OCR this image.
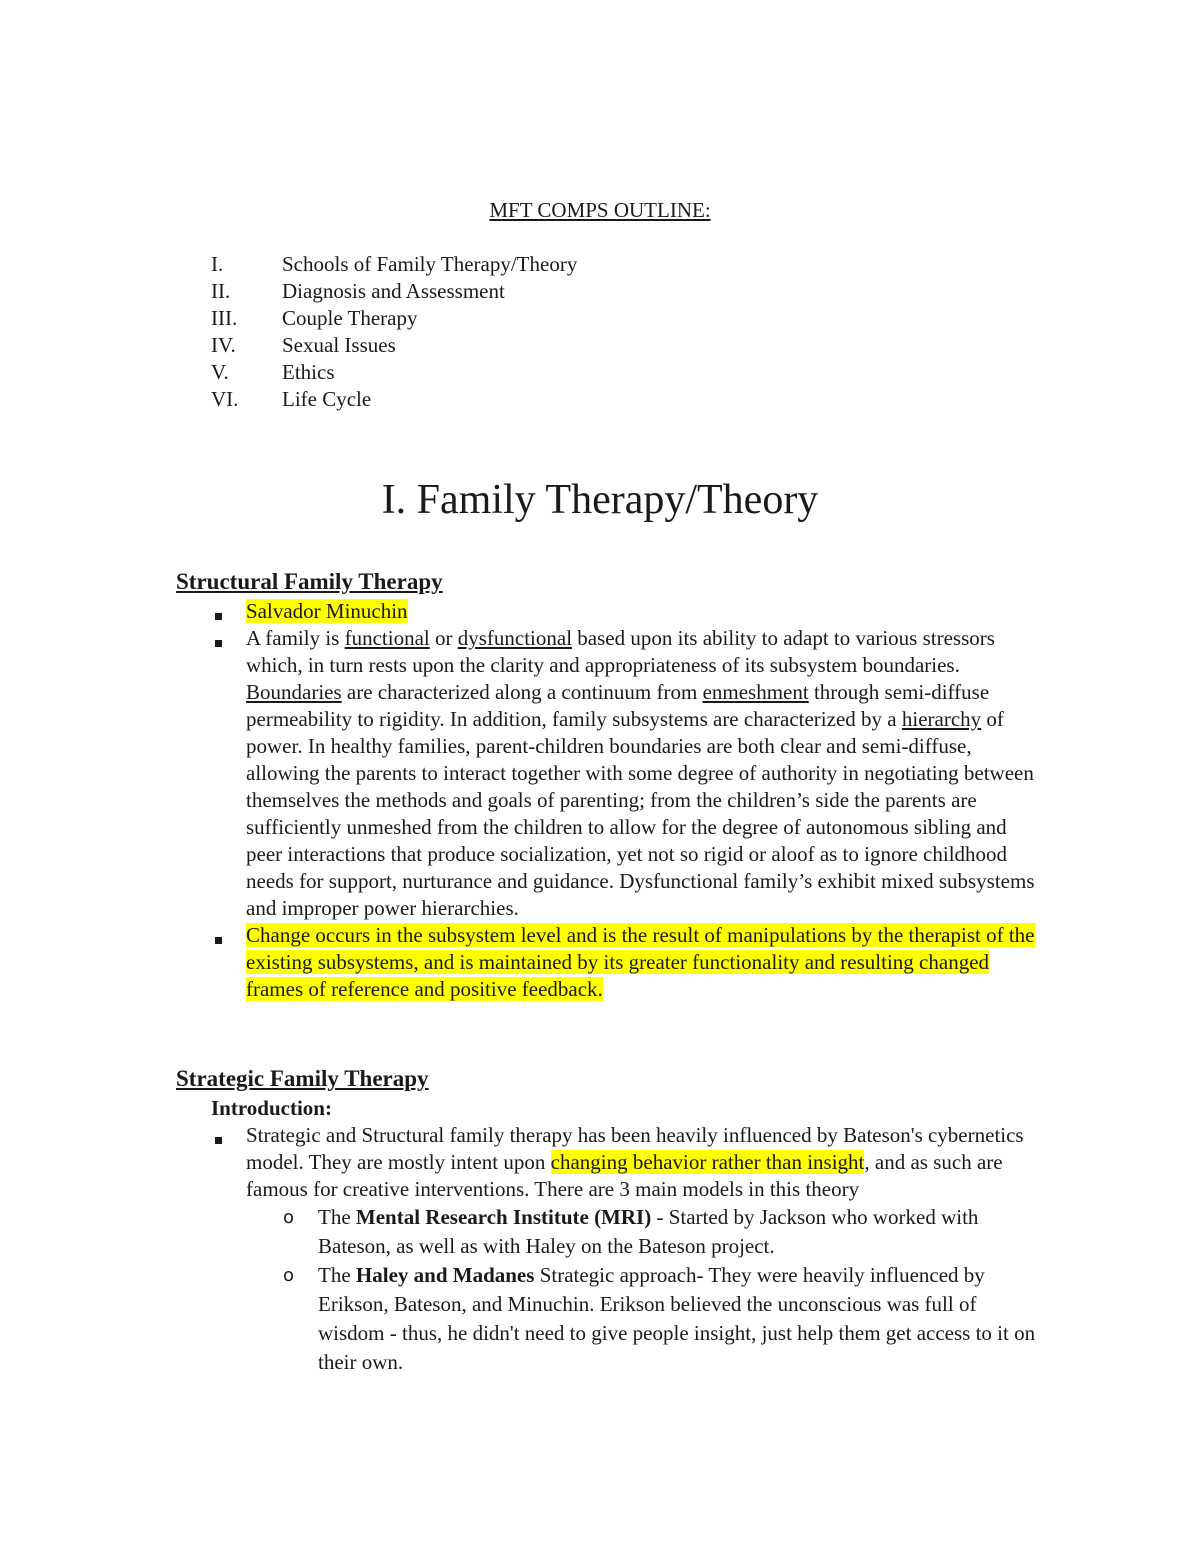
MFT COMPS OUTLINE:
I.	Schools of Family Therapy/Theory
II. Diagnosis and Assessment
III. Couple Therapy
IV. Sexual Issues
V.	Ethics
VI. Life Cycle
I. Family Therapy/Theory
Structural Family Therapy
Salvador Minuchin
A family is functional or dysfunctional based upon its ability to adapt to various stressors which, in turn rests upon the clarity and appropriateness of its subsystem boundaries. Boundaries are characterized along a continuum from enmeshment through semi-diffuse permeability to rigidity. In addition, family subsystems are characterized by a hierarchy of power. In healthy families, parent-children boundaries are both clear and semi-diffuse, allowing the parents to interact together with some degree of authority in negotiating between themselves the methods and goals of parenting; from the children’s side the parents are sufficiently unmeshed from the children to allow for the degree of autonomous sibling and peer interactions that produce socialization, yet not so rigid or aloof as to ignore childhood needs for support, nurturance and guidance. Dysfunctional family’s exhibit mixed subsystems and improper power hierarchies.
Change occurs in the subsystem level and is the result of manipulations by the therapist of the existing subsystems, and is maintained by its greater functionality and resulting changed frames of reference and positive feedback.
Strategic Family Therapy
Introduction:
Strategic and Structural family therapy has been heavily influenced by Bateson's cybernetics model. They are mostly intent upon changing behavior rather than insight, and as such are famous for creative interventions. There are 3 main models in this theory
o The Mental Research Institute (MRI) - Started by Jackson who worked with Bateson, as well as with Haley on the Bateson project.
o The Haley and Madanes Strategic approach- They were heavily influenced by Erikson, Bateson, and Minuchin. Erikson believed the unconscious was full of wisdom - thus, he didn't need to give people insight, just help them get access to it on their own.
